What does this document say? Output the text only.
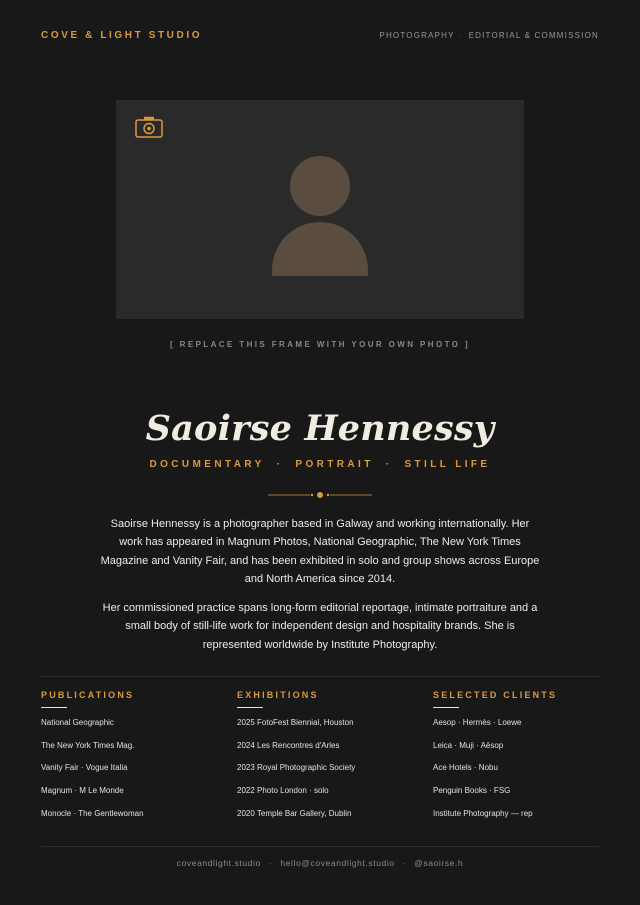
COVE & LIGHT STUDIO	PHOTOGRAPHY · EDITORIAL & COMMISSION
[ REPLACE THIS FRAME WITH YOUR OWN PHOTO ]
Saoirse Hennessy
DOCUMENTARY · PORTRAIT · STILL LIFE
Saoirse Hennessy is a photographer based in Galway and working internationally. Her work has appeared in Magnum Photos, National Geographic, The New York Times Magazine and Vanity Fair, and has been exhibited in solo and group shows across Europe and North America since 2014.
Her commissioned practice spans long-form editorial reportage, intimate portraiture and a small body of still-life work for independent design and hospitality brands. She is represented worldwide by Institute Photography.
PUBLICATIONS
National Geographic
The New York Times Mag.
Vanity Fair · Vogue Italia
Magnum · M Le Monde
Monocle · The Gentlewoman
EXHIBITIONS
2025 FotoFest Biennial, Houston
2024 Les Rencontres d'Arles
2023 Royal Photographic Society
2022 Photo London · solo
2020 Temple Bar Gallery, Dublin
SELECTED CLIENTS
Aesop · Hermès · Loewe
Leica · Muji · Aēsop
Ace Hotels · Nobu
Penguin Books · FSG
Institute Photography — rep
coveandlight.studio · hello@coveandlight.studio · @saoirse.h
